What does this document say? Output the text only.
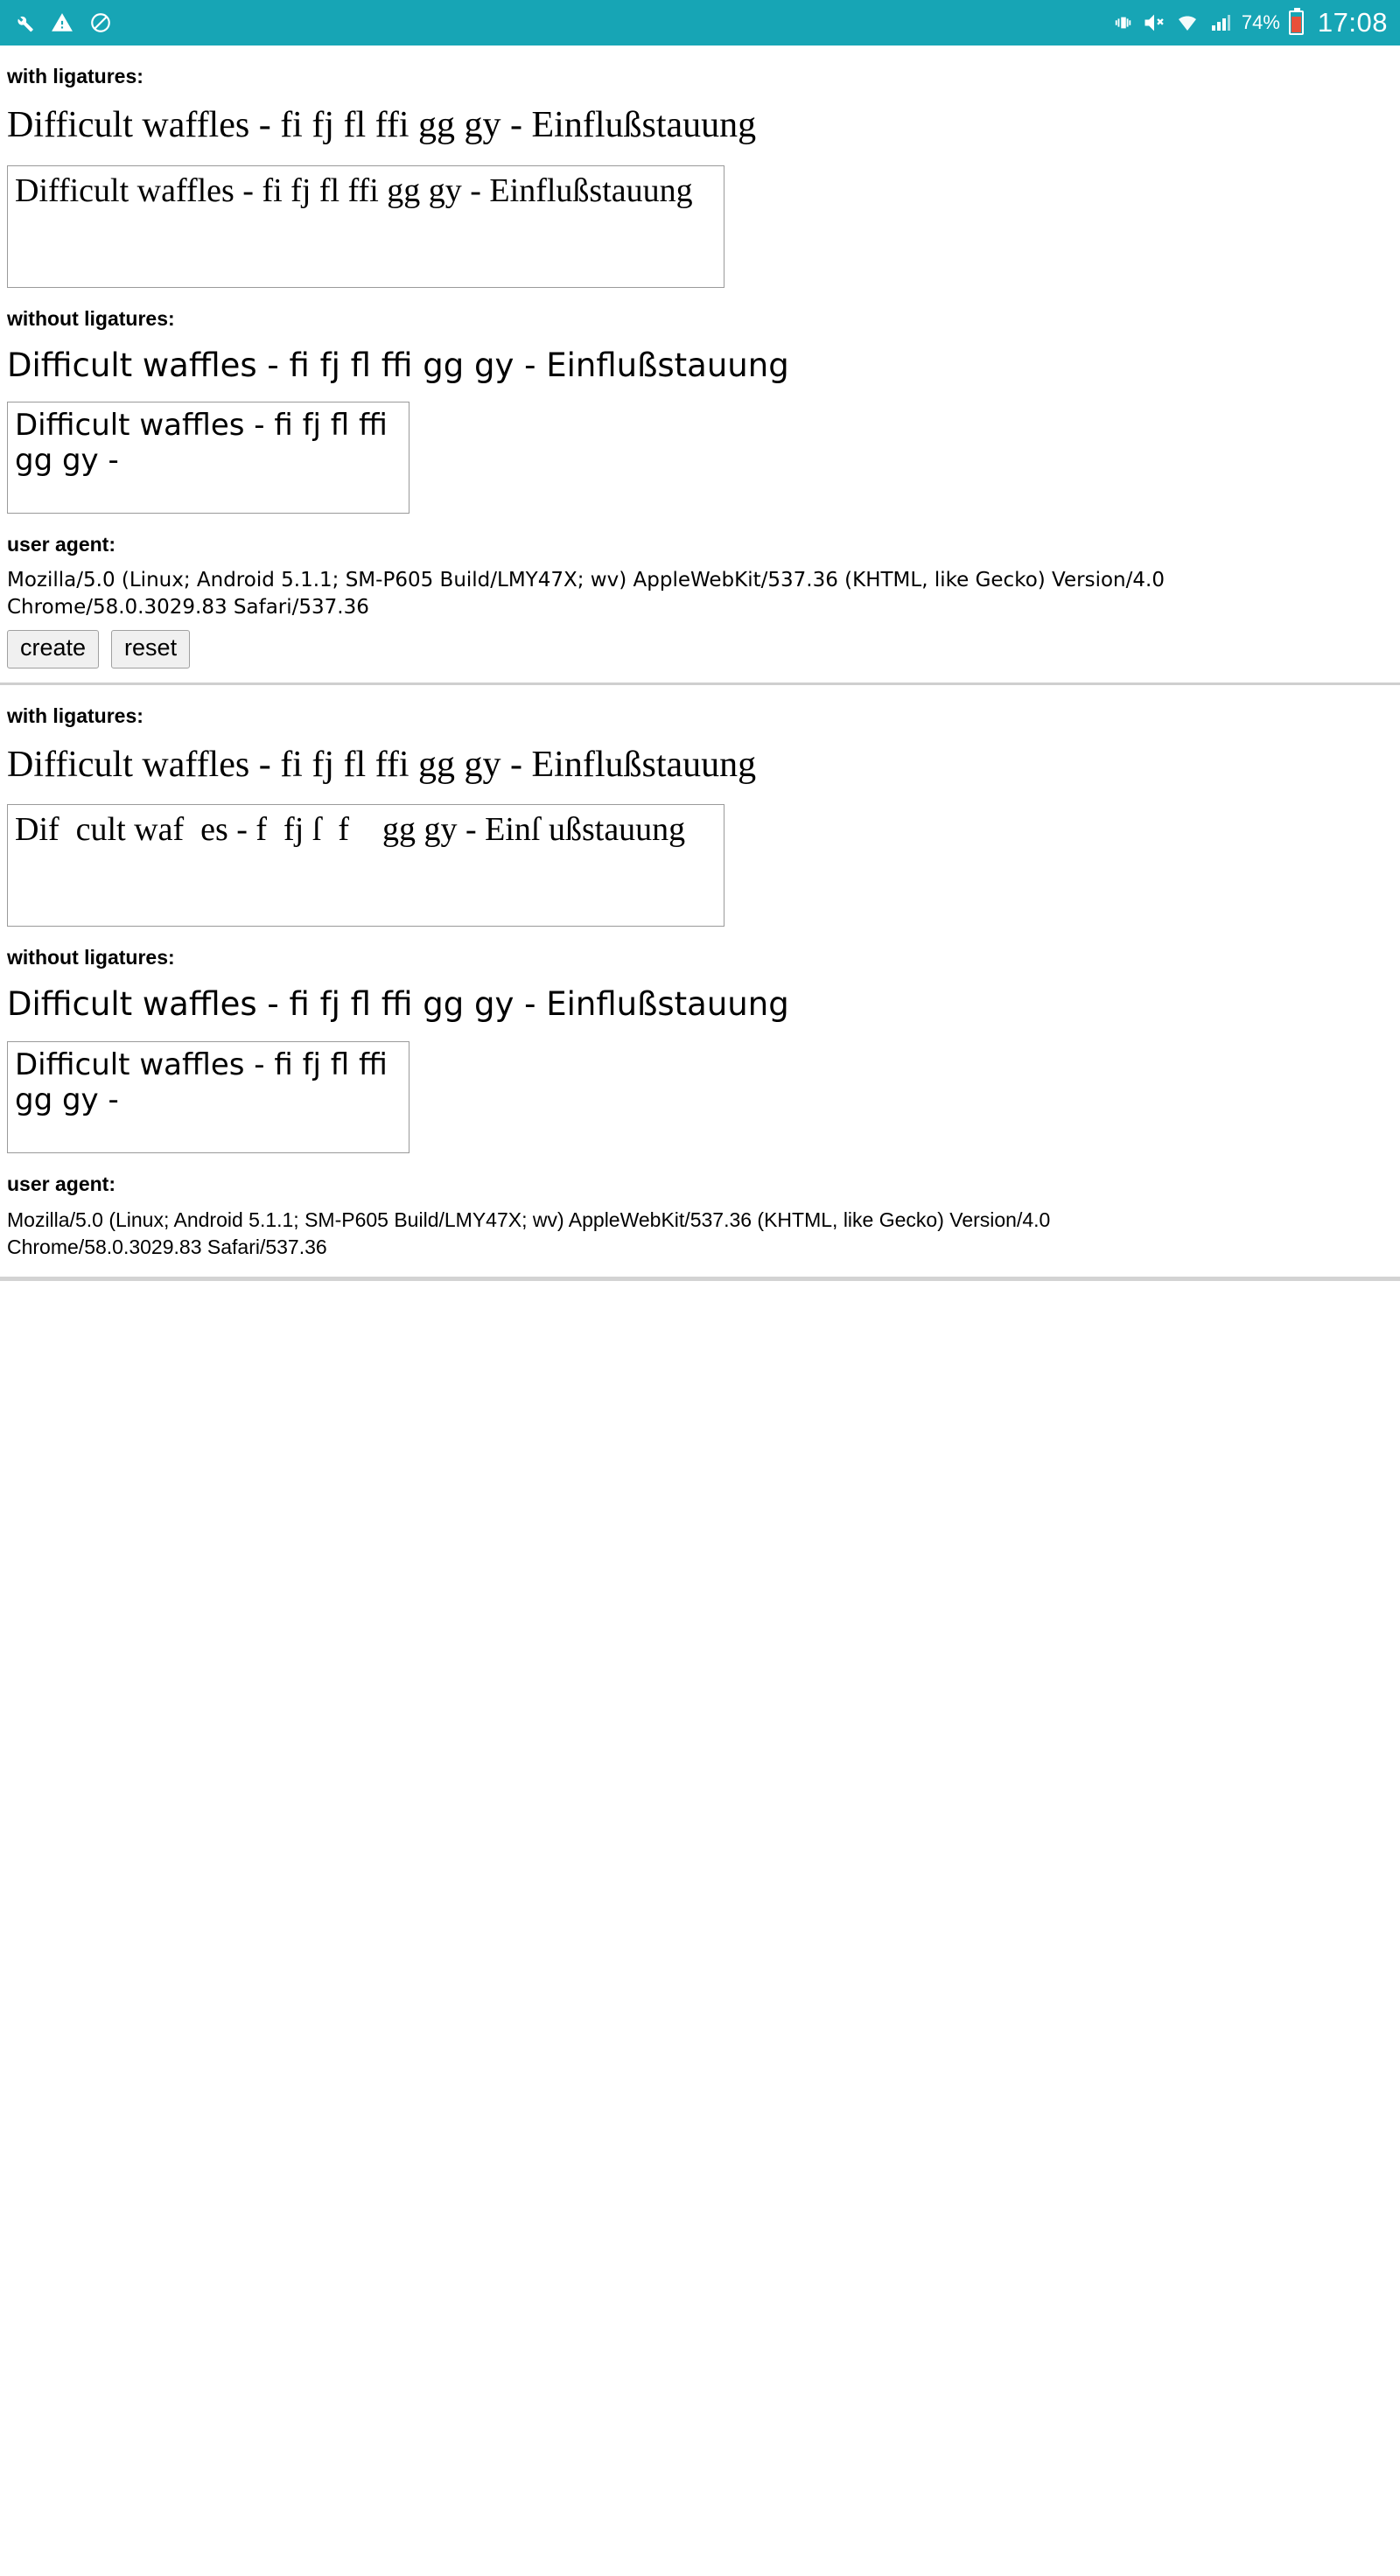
74% 17:08
with ligatures:
Difficult waffles - fi fj fl ffi gg gy - Einflußstauung
Difficult waffles - fi fj fl ffi gg gy - Einflußstauung
without ligatures:
Difficult waffles - fi fj fl ffi gg gy - Einflußstauung
Difficult waffles - fi fj fl ffi gg gy -
user agent:
Mozilla/5.0 (Linux; Android 5.1.1; SM-P605 Build/LMY47X; wv) AppleWebKit/537.36 (KHTML, like Gecko) Version/4.0 Chrome/58.0.3029.83 Safari/537.36
create	reset
with ligatures:
Difficult waffles - fi fj fl ffi gg gy - Einflußstauung
Dif cult waf es - f fj ſ f gg gy - Einſ ußstauung
without ligatures:
Difficult waffles - fi fj fl ffi gg gy - Einflußstauung
Difficult waffles - fi fj fl ffi gg gy -
user agent:
Mozilla/5.0 (Linux; Android 5.1.1; SM-P605 Build/LMY47X; wv) AppleWebKit/537.36 (KHTML, like Gecko) Version/4.0 Chrome/58.0.3029.83 Safari/537.36
